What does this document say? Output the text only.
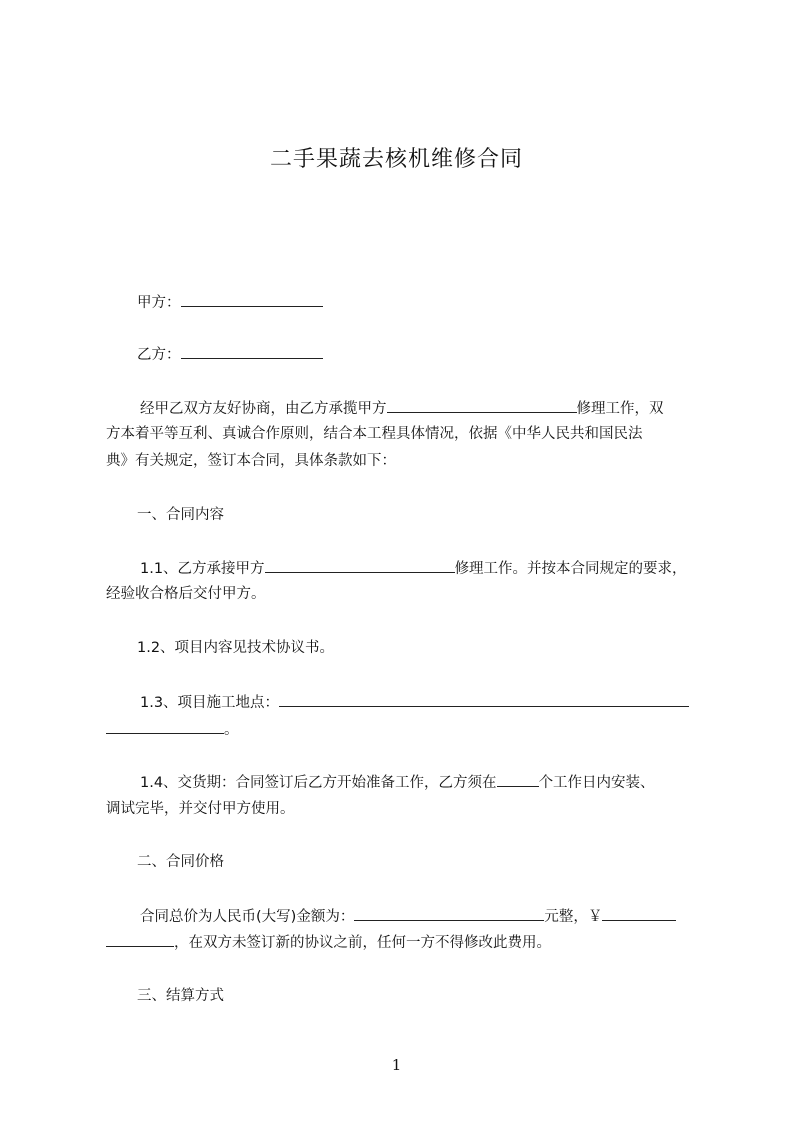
二手果蔬去核机维修合同
甲方：
乙方：
经甲乙双方友好协商，由乙方承揽甲方	修理工作，双
方本着平等互利、真诚合作原则，结合本工程具体情况，依据《中华人民共和国民法
典》有关规定，签订本合同，具体条款如下：
一、合同内容
1.1、乙方承接甲方	修理工作。并按本合同规定的要求，
经验收合格后交付甲方。
1.2、项目内容见技术协议书。
1.3、项目施工地点：
。
1.4、交货期：合同签订后乙方开始准备工作，乙方须在	个工作日内安装、
调试完毕，并交付甲方使用。
二、合同价格
合同总价为人民币(大写)金额为：	元整，￥
，在双方未签订新的协议之前，任何一方不得修改此费用。
三、结算方式
1
